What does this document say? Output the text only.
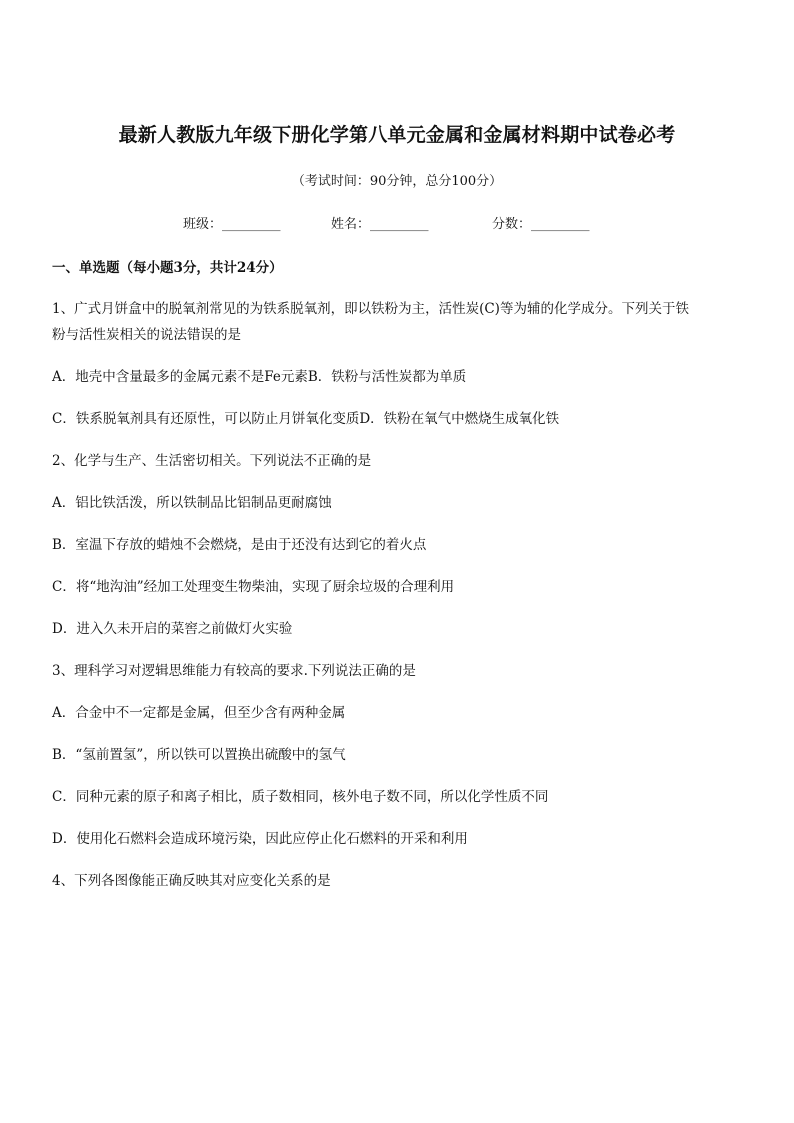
最新人教版九年级下册化学第八单元金属和金属材料期中试卷必考
（考试时间：90分钟，总分100分）
班级：_________	姓名：_________	分数：_________
一、单选题（每小题3分，共计24分）
1、广式月饼盒中的脱氧剂常见的为铁系脱氧剂，即以铁粉为主，活性炭(C)等为辅的化学成分。下列关于铁
粉与活性炭相关的说法错误的是
A．地壳中含量最多的金属元素不是Fe元素B．铁粉与活性炭都为单质
C．铁系脱氧剂具有还原性，可以防止月饼氧化变质D．铁粉在氧气中燃烧生成氧化铁
2、化学与生产、生活密切相关。下列说法不正确的是
A．铝比铁活泼，所以铁制品比铝制品更耐腐蚀
B．室温下存放的蜡烛不会燃烧，是由于还没有达到它的着火点
C．将“地沟油”经加工处理变生物柴油，实现了厨余垃圾的合理利用
D．进入久未开启的菜窖之前做灯火实验
3、理科学习对逻辑思维能力有较高的要求.下列说法正确的是
A．合金中不一定都是金属，但至少含有两种金属
B．“氢前置氢”，所以铁可以置换出硫酸中的氢气
C．同种元素的原子和离子相比，质子数相同，核外电子数不同，所以化学性质不同
D．使用化石燃料会造成环境污染，因此应停止化石燃料的开采和利用
4、下列各图像能正确反映其对应变化关系的是
